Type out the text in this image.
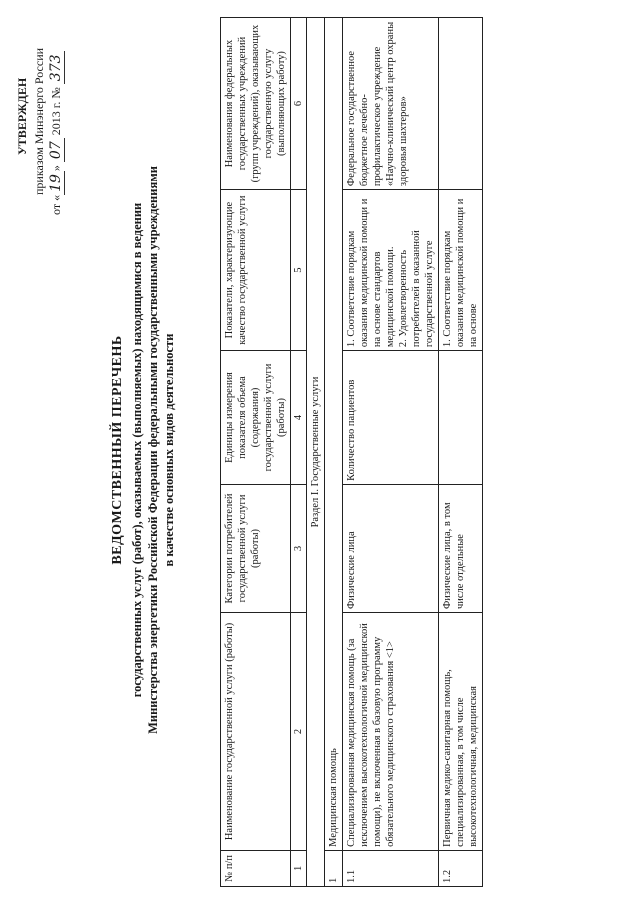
УТВЕРЖДЕН приказом Минэнерго России
от «19» 07 2013 г. № 373
ВЕДОМСТВЕННЫЙ ПЕРЕЧЕНЬ государственных услуг (работ), оказываемых (выполняемых) находящимися в ведении Министерства энергетики Российской Федерации федеральными государственными учреждениями в качестве основных видов деятельности
№ п/п	Наименование государственной услуги (работы)	Категории потребителей государственной услуги (работы)	Единицы измерения показателя объема (содержания) государственной услуги (работы)	Показатели, характеризующие качество государственной услуги	Наименования федеральных государственных учреждений (групп учреждений), оказывающих государственную услугу (выполняющих работу)
1	2	3	4	5	6
Раздел I. Государственные услуги					
1	Медицинская помощь				
1.1	Специализированная медицинская помощь (за исключением высокотехнологичной медицинской помощи), не включенная в базовую программу обязательного медицинского страхования <1>	Физические лица	Количество пациентов	1. Соответствие порядкам оказания медицинской помощи и на основе стандартов медицинской помощи. 2. Удовлетворенность потребителей в оказанной государственной услуге	Федеральное государственное бюджетное лечебно-профилактическое учреждение «Научно-клинический центр охраны здоровья шахтеров»
1.2	Первичная медико-санитарная помощь, специализированная, в том числе высокотехнологичная, медицинская	Физические лица, в том числе отдельные		1. Соответствие порядкам оказания медицинской помощи и на основе	
